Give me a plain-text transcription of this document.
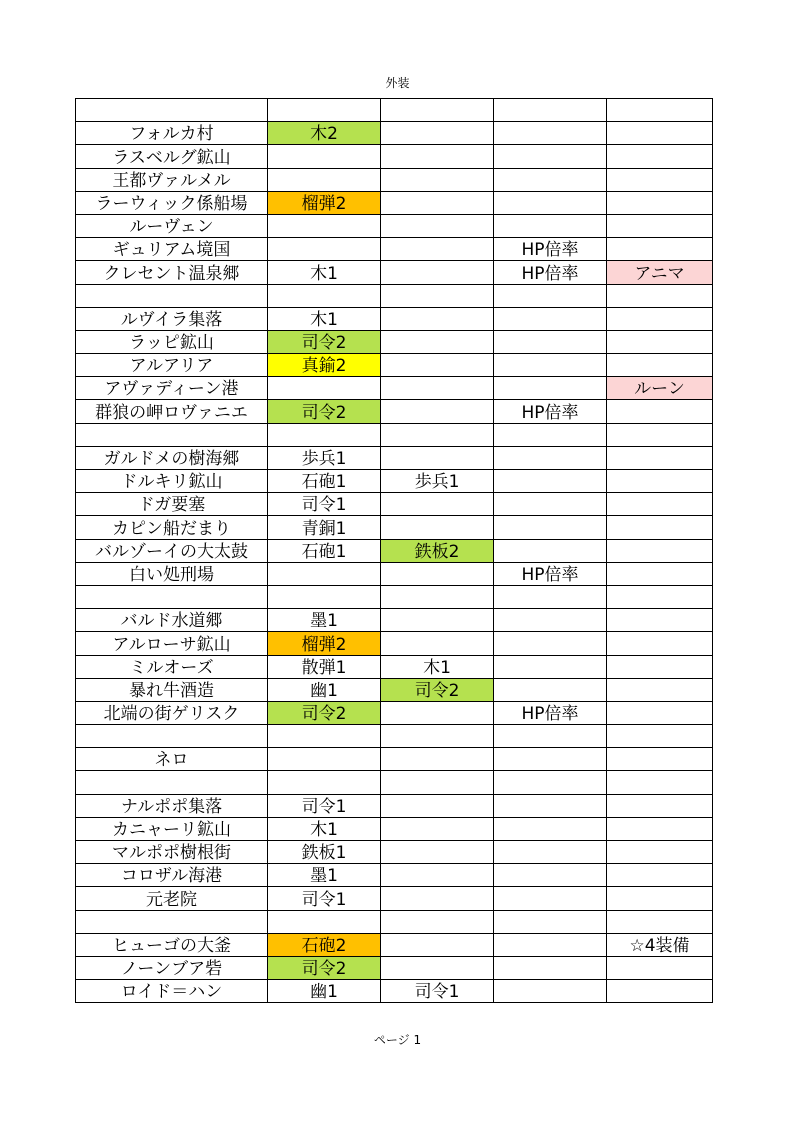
外装

フォルカ村	木2			
ラスベルグ鉱山				
王都ヴァルメル				
ラーウィック係船場	榴弾2			
ルーヴェン				
ギュリアム境国			HP倍率	
クレセント温泉郷	木1		HP倍率	アニマ

ルヴイラ集落	木1			
ラッピ鉱山	司令2			
アルアリア	真鍮2			
アヴァディーン港				ルーン
群狼の岬ロヴァニエ	司令2		HP倍率	

ガルドメの樹海郷	歩兵1			
ドルキリ鉱山	石砲1	歩兵1		
ドガ要塞	司令1			
カピン船だまり	青銅1			
バルゾーイの大太鼓	石砲1	鉄板2		
白い処刑場			HP倍率	

バルド水道郷	墨1			
アルローサ鉱山	榴弾2			
ミルオーズ	散弾1	木1		
暴れ牛酒造	幽1	司令2		
北端の街ゲリスク	司令2		HP倍率	

ネロ				

ナルポポ集落	司令1			
カニャーリ鉱山	木1			
マルポポ樹根街	鉄板1			
コロザル海港	墨1			
元老院	司令1			

ヒューゴの大釜	石砲2			☆4装備
ノーンブア砦	司令2			
ロイド＝ハン	幽1	司令1		
ページ 1
